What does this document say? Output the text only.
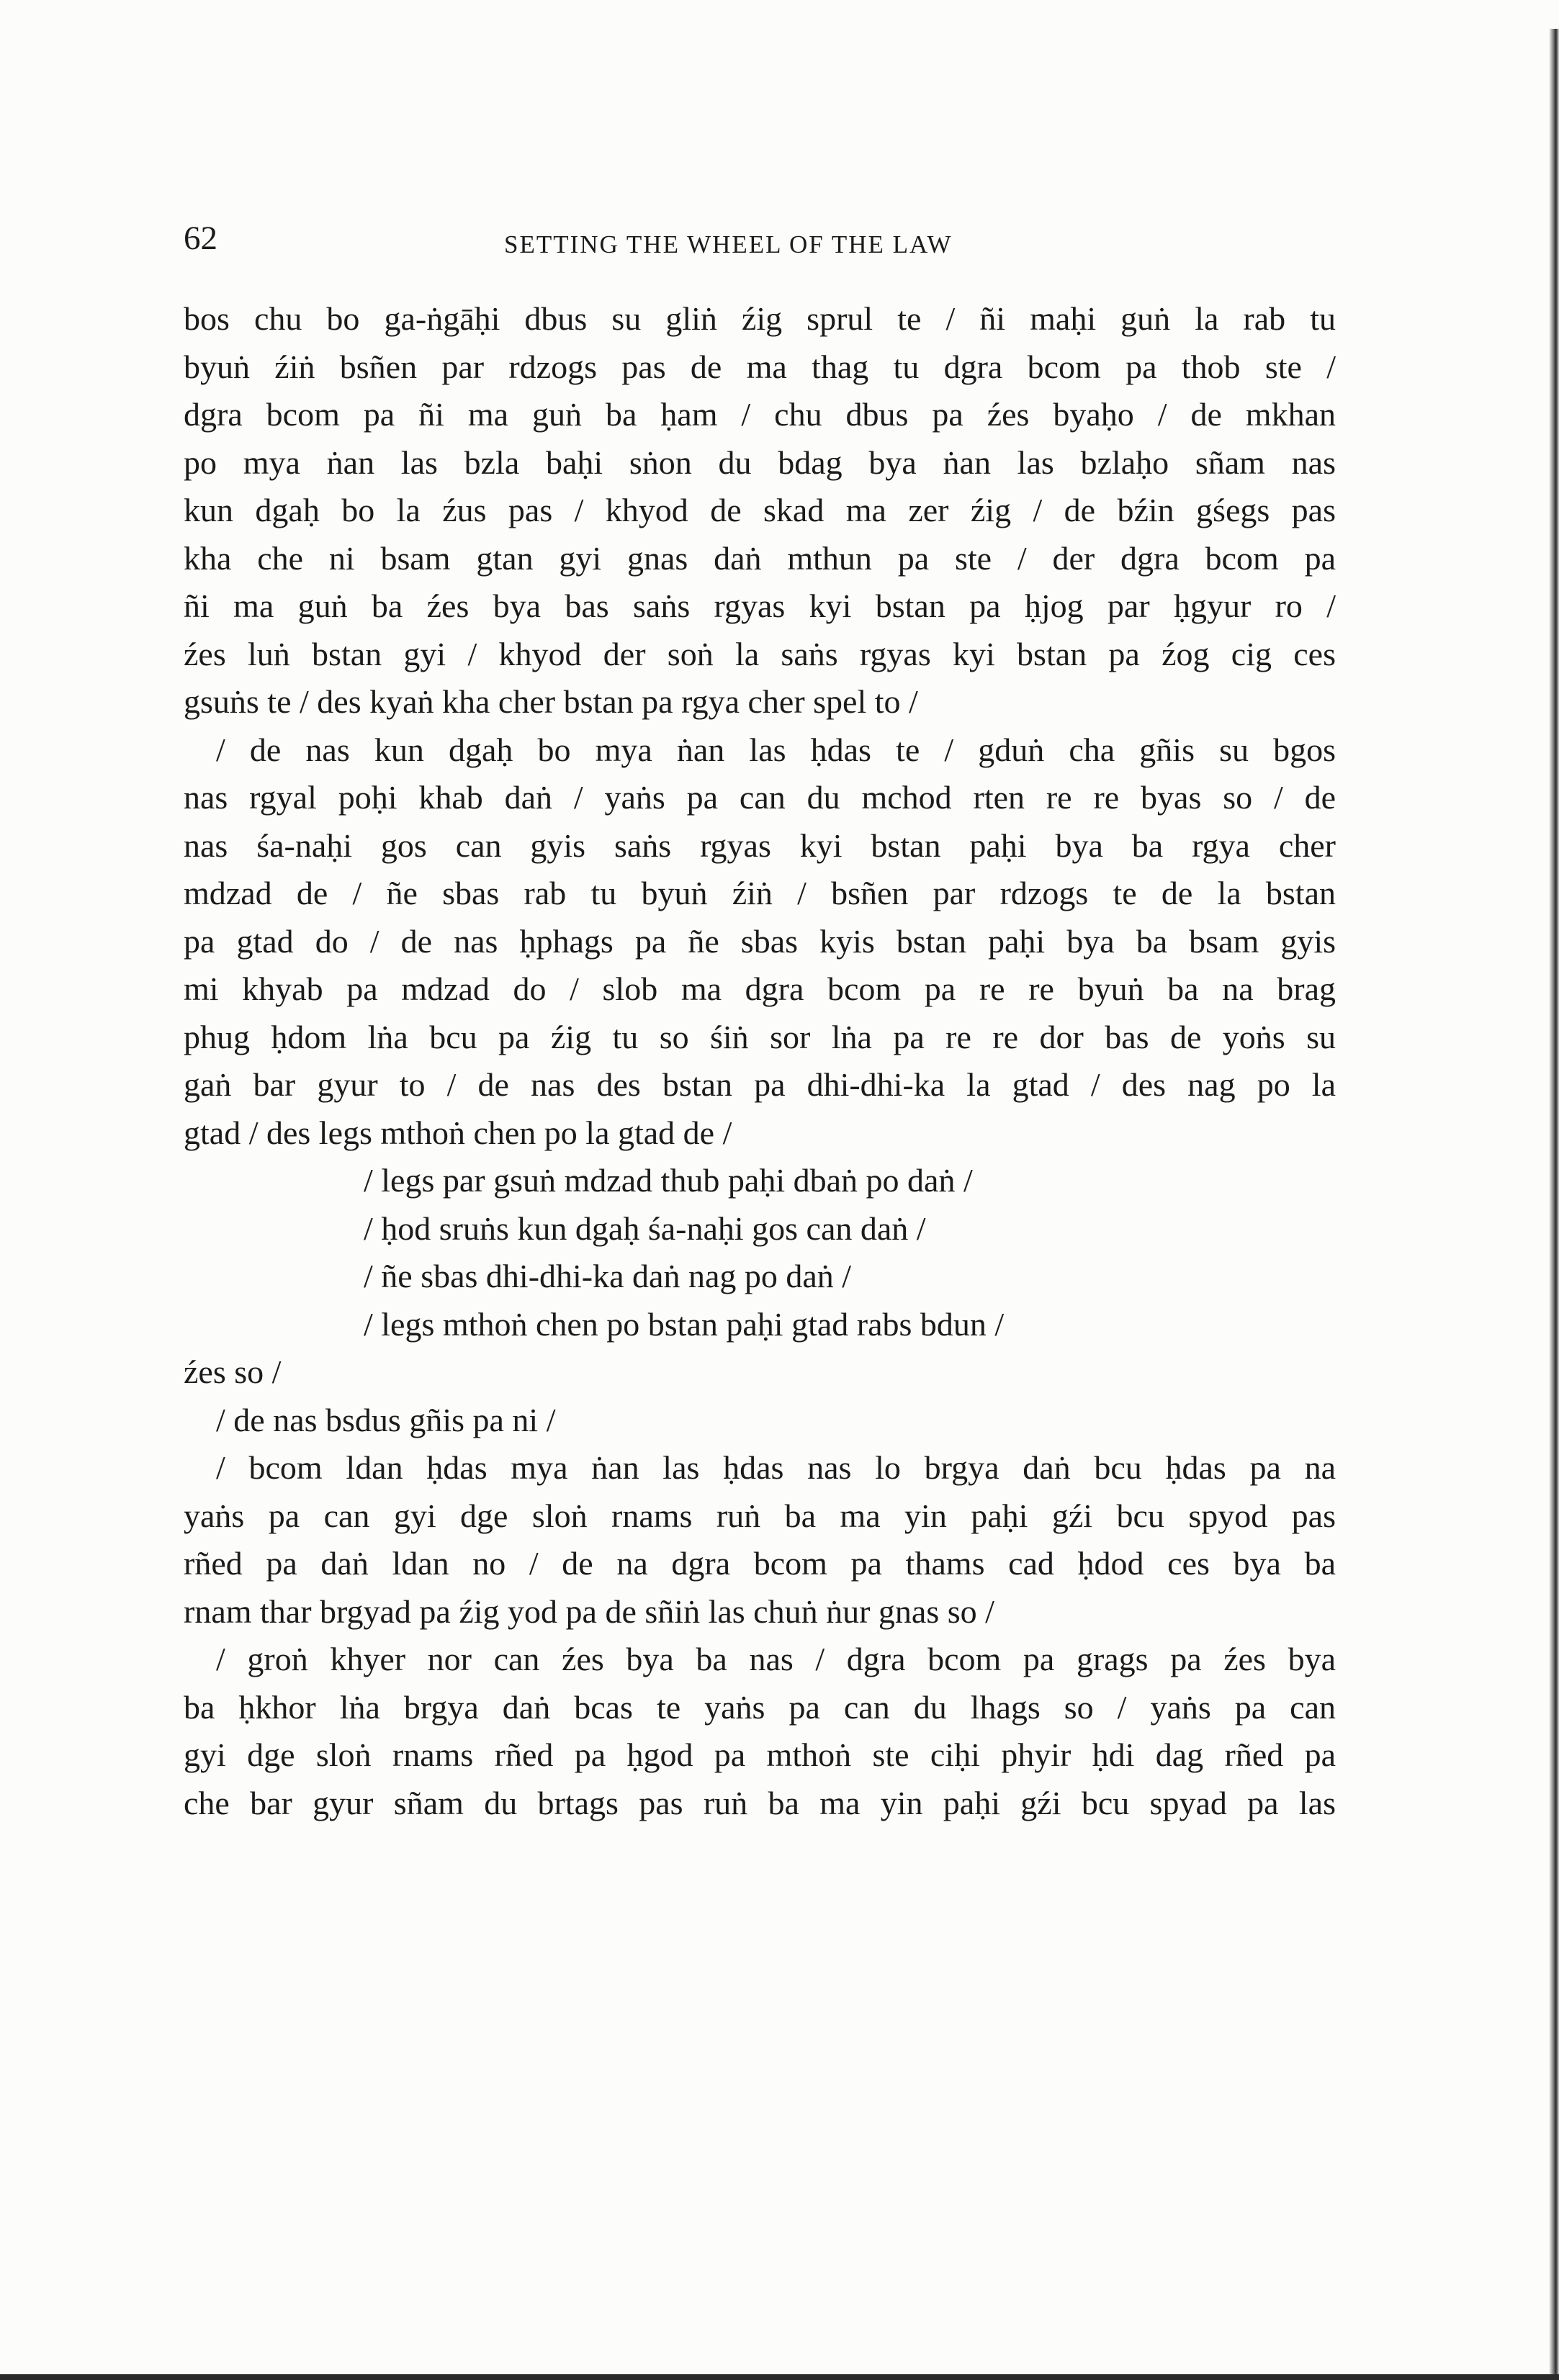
62	SETTING THE WHEEL OF THE LAW
bos chu bo ga-ṅgāḥi dbus su gliṅ źig sprul te / ñi maḥi guṅ la rab tu
byuṅ źiṅ bsñen par rdzogs pas de ma thag tu dgra bcom pa thob ste /
dgra bcom pa ñi ma guṅ ba ḥam / chu dbus pa źes byaḥo / de mkhan
po mya ṅan las bzla baḥi sṅon du bdag bya ṅan las bzlaḥo sñam nas
kun dgaḥ bo la źus pas / khyod de skad ma zer źig / de bźin gśegs pas
kha che ni bsam gtan gyi gnas daṅ mthun pa ste / der dgra bcom pa
ñi ma guṅ ba źes bya bas saṅs rgyas kyi bstan pa ḥjog par ḥgyur ro /
źes luṅ bstan gyi / khyod der soṅ la saṅs rgyas kyi bstan pa źog cig ces
gsuṅs te / des kyaṅ kha cher bstan pa rgya cher spel to /
/ de nas kun dgaḥ bo mya ṅan las ḥdas te / gduṅ cha gñis su bgos
nas rgyal poḥi khab daṅ / yaṅs pa can du mchod rten re re byas so / de
nas śa-naḥi gos can gyis saṅs rgyas kyi bstan paḥi bya ba rgya cher
mdzad de / ñe sbas rab tu byuṅ źiṅ / bsñen par rdzogs te de la bstan
pa gtad do / de nas ḥphags pa ñe sbas kyis bstan paḥi bya ba bsam gyis
mi khyab pa mdzad do / slob ma dgra bcom pa re re byuṅ ba na brag
phug ḥdom lṅa bcu pa źig tu so śiṅ sor lṅa pa re re dor bas de yoṅs su
gaṅ bar gyur to / de nas des bstan pa dhi-dhi-ka la gtad / des nag po la
gtad / des legs mthoṅ chen po la gtad de /
/ legs par gsuṅ mdzad thub paḥi dbaṅ po daṅ /
/ ḥod sruṅs kun dgaḥ śa-naḥi gos can daṅ /
/ ñe sbas dhi-dhi-ka daṅ nag po daṅ /
/ legs mthoṅ chen po bstan paḥi gtad rabs bdun /
źes so /
/ de nas bsdus gñis pa ni /
/ bcom ldan ḥdas mya ṅan las ḥdas nas lo brgya daṅ bcu ḥdas pa na
yaṅs pa can gyi dge sloṅ rnams ruṅ ba ma yin paḥi gźi bcu spyod pas
rñed pa daṅ ldan no / de na dgra bcom pa thams cad ḥdod ces bya ba
rnam thar brgyad pa źig yod pa de sñiṅ las chuṅ ṅur gnas so /
/ groṅ khyer nor can źes bya ba nas / dgra bcom pa grags pa źes bya
ba ḥkhor lṅa brgya daṅ bcas te yaṅs pa can du lhags so / yaṅs pa can
gyi dge sloṅ rnams rñed pa ḥgod pa mthoṅ ste ciḥi phyir ḥdi dag rñed pa
che bar gyur sñam du brtags pas ruṅ ba ma yin paḥi gźi bcu spyad pa las
